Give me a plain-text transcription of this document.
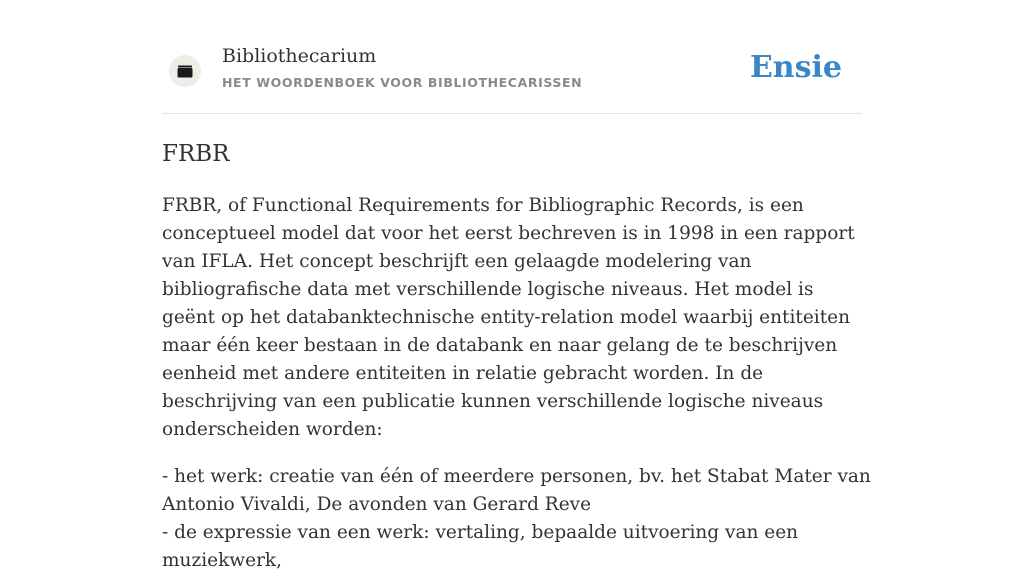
Bibliothecarium
HET WOORDENBOEK VOOR BIBLIOTHECARISSEN	Ensie
FRBR

FRBR, of Functional Requirements for Bibliographic Records, is een conceptueel model dat voor het eerst bechreven is in 1998 in een rapport van IFLA. Het concept beschrijft een gelaagde modelering van bibliografische data met verschillende logische niveaus. Het model is geënt op het databanktechnische entity-relation model waarbij entiteiten maar één keer bestaan in de databank en naar gelang de te beschrijven eenheid met andere entiteiten in relatie gebracht worden. In de beschrijving van een publicatie kunnen verschillende logische niveaus onderscheiden worden:

- het werk: creatie van één of meerdere personen, bv. het Stabat Mater van Antonio Vivaldi, De avonden van Gerard Reve
- de expressie van een werk: vertaling, bepaalde uitvoering van een muziekwerk,
